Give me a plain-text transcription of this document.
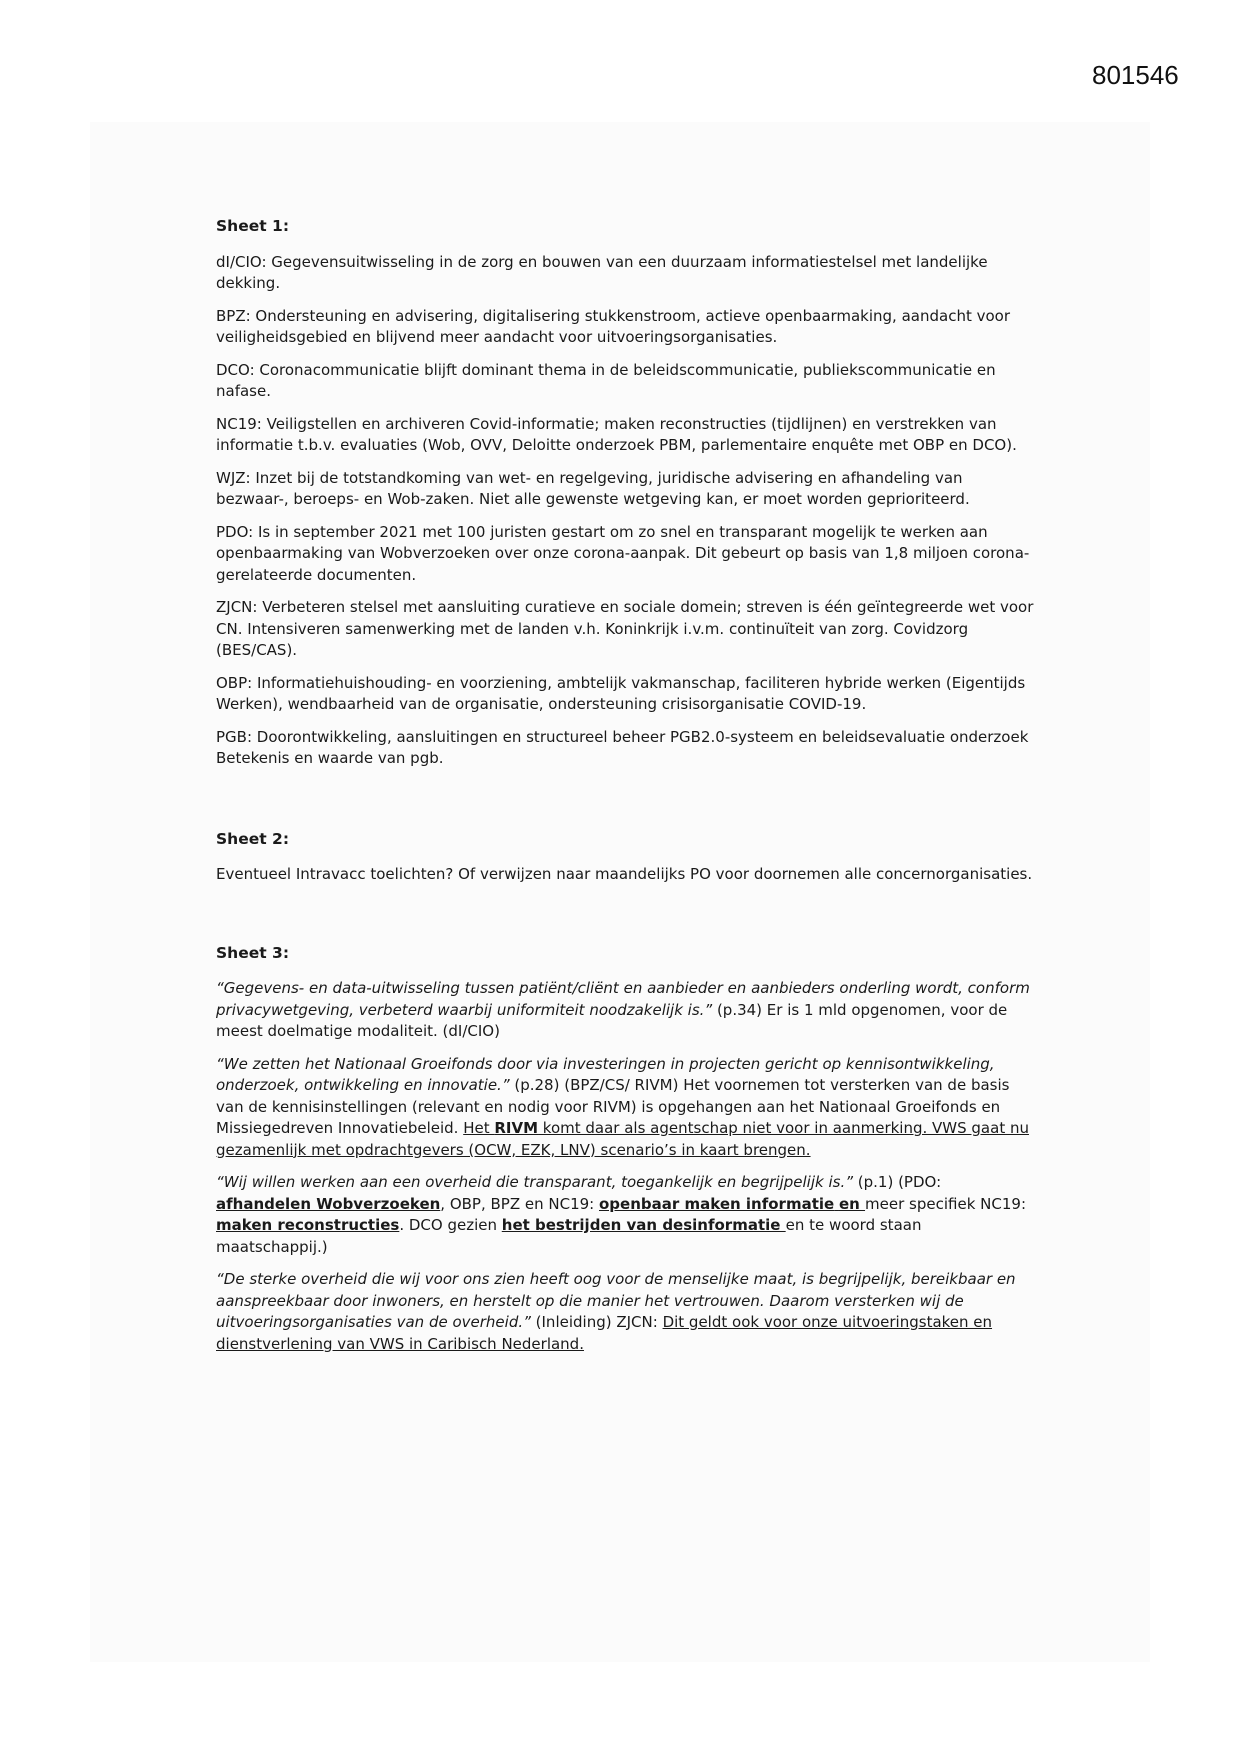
801546
Sheet 1:

dI/CIO: Gegevensuitwisseling in de zorg en bouwen van een duurzaam informatiestelsel met landelijke dekking.

BPZ: Ondersteuning en advisering, digitalisering stukkenstroom, actieve openbaarmaking, aandacht voor veiligheidsgebied en blijvend meer aandacht voor uitvoeringsorganisaties.

DCO: Coronacommunicatie blijft dominant thema in de beleidscommunicatie, publiekscommunicatie en nafase.

NC19: Veiligstellen en archiveren Covid-informatie; maken reconstructies (tijdlijnen) en verstrekken van informatie t.b.v. evaluaties (Wob, OVV, Deloitte onderzoek PBM, parlementaire enquête met OBP en DCO).

WJZ: Inzet bij de totstandkoming van wet- en regelgeving, juridische advisering en afhandeling van bezwaar-, beroeps- en Wob-zaken. Niet alle gewenste wetgeving kan, er moet worden geprioriteerd.

PDO: Is in september 2021 met 100 juristen gestart om zo snel en transparant mogelijk te werken aan openbaarmaking van Wobverzoeken over onze corona-aanpak. Dit gebeurt op basis van 1,8 miljoen corona-gerelateerde documenten.

ZJCN: Verbeteren stelsel met aansluiting curatieve en sociale domein; streven is één geïntegreerde wet voor CN. Intensiveren samenwerking met de landen v.h. Koninkrijk i.v.m. continuïteit van zorg. Covidzorg (BES/CAS).

OBP: Informatiehuishouding- en voorziening, ambtelijk vakmanschap, faciliteren hybride werken (Eigentijds Werken), wendbaarheid van de organisatie, ondersteuning crisisorganisatie COVID-19.

PGB: Doorontwikkeling, aansluitingen en structureel beheer PGB2.0-systeem en beleidsevaluatie onderzoek Betekenis en waarde van pgb.

Sheet 2:

Eventueel Intravacc toelichten? Of verwijzen naar maandelijks PO voor doornemen alle concernorganisaties.

Sheet 3:

“Gegevens- en data-uitwisseling tussen patiënt/cliënt en aanbieder en aanbieders onderling wordt, conform privacywetgeving, verbeterd waarbij uniformiteit noodzakelijk is.” (p.34) Er is 1 mld opgenomen, voor de meest doelmatige modaliteit. (dI/CIO)

“We zetten het Nationaal Groeifonds door via investeringen in projecten gericht op kennisontwikkeling, onderzoek, ontwikkeling en innovatie.” (p.28) (BPZ/CS/ RIVM) Het voornemen tot versterken van de basis van de kennisinstellingen (relevant en nodig voor RIVM) is opgehangen aan het Nationaal Groeifonds en Missiegedreven Innovatiebeleid. Het RIVM komt daar als agentschap niet voor in aanmerking. VWS gaat nu gezamenlijk met opdrachtgevers (OCW, EZK, LNV) scenario’s in kaart brengen.

“Wij willen werken aan een overheid die transparant, toegankelijk en begrijpelijk is.” (p.1) (PDO: afhandelen Wobverzoeken, OBP, BPZ en NC19: openbaar maken informatie en meer specifiek NC19: maken reconstructies. DCO gezien het bestrijden van desinformatie en te woord staan maatschappij.)

“De sterke overheid die wij voor ons zien heeft oog voor de menselijke maat, is begrijpelijk, bereikbaar en aanspreekbaar door inwoners, en herstelt op die manier het vertrouwen. Daarom versterken wij de uitvoeringsorganisaties van de overheid.” (Inleiding) ZJCN: Dit geldt ook voor onze uitvoeringstaken en dienstverlening van VWS in Caribisch Nederland.
